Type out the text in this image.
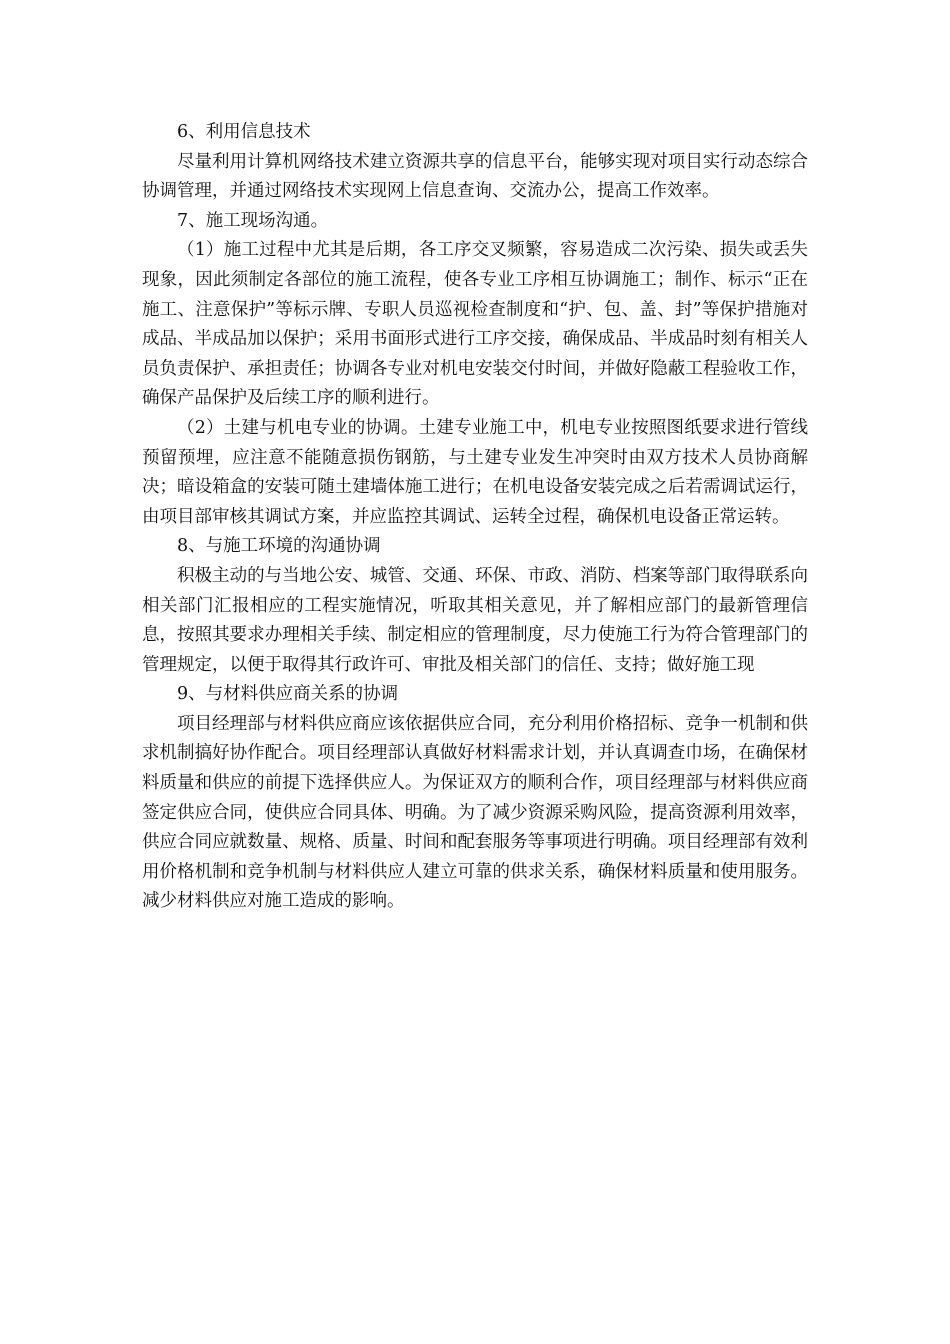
6、利用信息技术

尽量利用计算机网络技术建立资源共享的信息平台，能够实现对项目实行动态综合协调管理，并通过网络技术实现网上信息查询、交流办公，提高工作效率。

7、施工现场沟通。

（1）施工过程中尤其是后期，各工序交叉频繁，容易造成二次污染、损失或丢失现象，因此须制定各部位的施工流程，使各专业工序相互协调施工；制作、标示“正在施工、注意保护”等标示牌、专职人员巡视检查制度和“护、包、盖、封”等保护措施对成品、半成品加以保护；采用书面形式进行工序交接，确保成品、半成品时刻有相关人员负责保护、承担责任；协调各专业对机电安装交付时间，并做好隐蔽工程验收工作，确保产品保护及后续工序的顺利进行。

（2）土建与机电专业的协调。土建专业施工中，机电专业按照图纸要求进行管线预留预埋，应注意不能随意损伤钢筋，与土建专业发生冲突时由双方技术人员协商解决；暗设箱盒的安装可随土建墙体施工进行；在机电设备安装完成之后若需调试运行，由项目部审核其调试方案，并应监控其调试、运转全过程，确保机电设备正常运转。

8、与施工环境的沟通协调

积极主动的与当地公安、城管、交通、环保、市政、消防、档案等部门取得联系向相关部门汇报相应的工程实施情况，听取其相关意见，并了解相应部门的最新管理信息，按照其要求办理相关手续、制定相应的管理制度，尽力使施工行为符合管理部门的管理规定，以便于取得其行政许可、审批及相关部门的信任、支持；做好施工现

9、与材料供应商关系的协调

项目经理部与材料供应商应该依据供应合同，充分利用价格招标、竞争一机制和供求机制搞好协作配合。项目经理部认真做好材料需求计划，并认真调查巾场，在确保材料质量和供应的前提下选择供应人。为保证双方的顺利合作，项目经理部与材料供应商签定供应合同，使供应合同具体、明确。为了减少资源采购风险，提高资源利用效率，供应合同应就数量、规格、质量、时间和配套服务等事项进行明确。项目经理部有效利用价格机制和竞争机制与材料供应人建立可靠的供求关系，确保材料质量和使用服务。减少材料供应对施工造成的影响。
